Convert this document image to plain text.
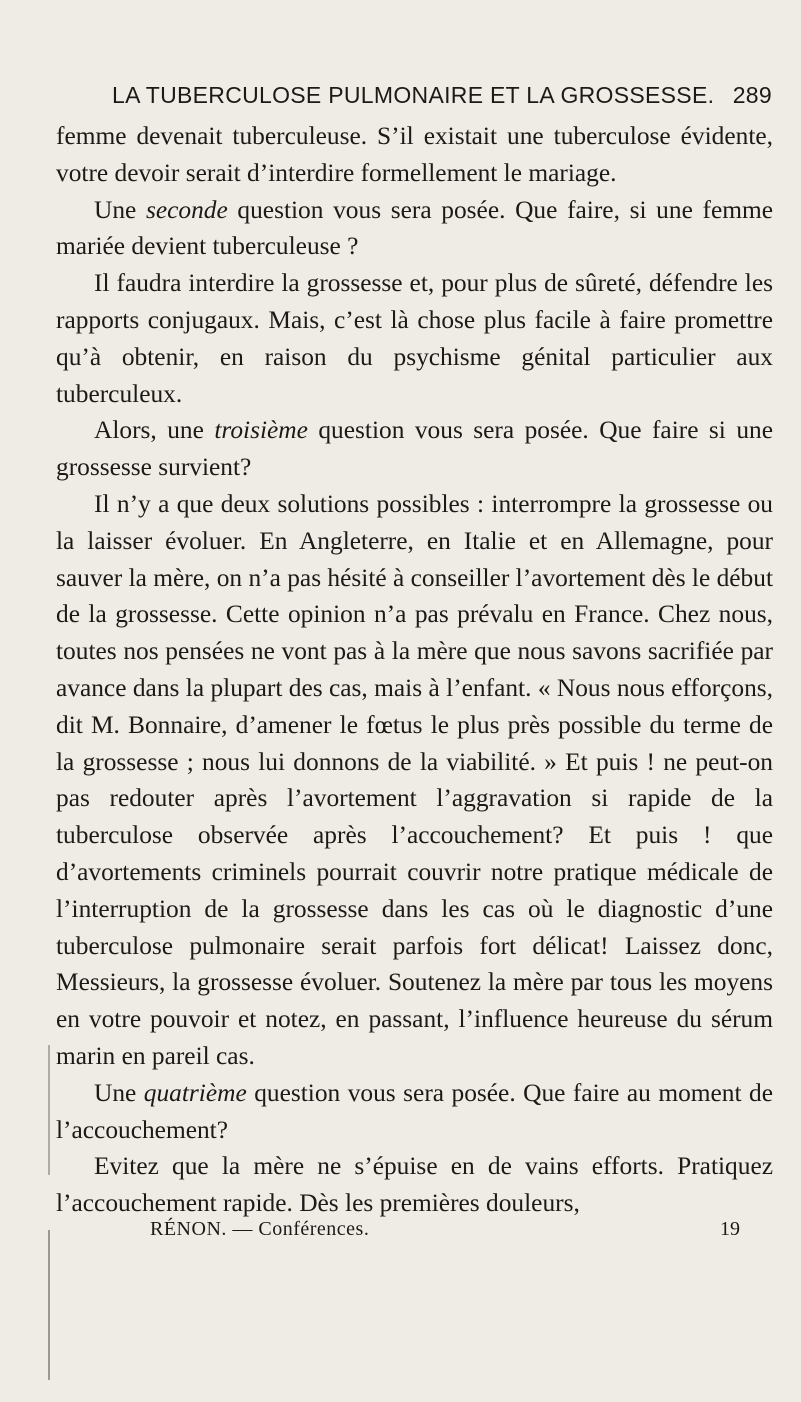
LA TUBERCULOSE PULMONAIRE ET LA GROSSESSE. 289

femme devenait tuberculeuse. S’il existait une tuberculose évidente, votre devoir serait d’interdire formellement le mariage.

Une seconde question vous sera posée. Que faire, si une femme mariée devient tuberculeuse ?

Il faudra interdire la grossesse et, pour plus de sûreté, défendre les rapports conjugaux. Mais, c’est là chose plus facile à faire promettre qu’à obtenir, en raison du psychisme génital particulier aux tuberculeux.

Alors, une troisième question vous sera posée. Que faire si une grossesse survient?

Il n’y a que deux solutions possibles : interrompre la grossesse ou la laisser évoluer. En Angleterre, en Italie et en Allemagne, pour sauver la mère, on n’a pas hésité à conseiller l’avortement dès le début de la grossesse. Cette opinion n’a pas prévalu en France. Chez nous, toutes nos pensées ne vont pas à la mère que nous savons sacrifiée par avance dans la plupart des cas, mais à l’enfant. « Nous nous efforçons, dit M. Bonnaire, d’amener le fœtus le plus près possible du terme de la grossesse ; nous lui donnons de la viabilité. » Et puis ! ne peut-on pas redouter après l’avortement l’aggravation si rapide de la tuberculose observée après l’accouchement? Et puis ! que d’avortements criminels pourrait couvrir notre pratique médicale de l’interruption de la grossesse dans les cas où le diagnostic d’une tuberculose pulmonaire serait parfois fort délicat! Laissez donc, Messieurs, la grossesse évoluer. Soutenez la mère par tous les moyens en votre pouvoir et notez, en passant, l’influence heureuse du sérum marin en pareil cas.

Une quatrième question vous sera posée. Que faire au moment de l’accouchement?

Evitez que la mère ne s’épuise en de vains efforts. Pratiquez l’accouchement rapide. Dès les premières douleurs,

RÉNON. — Conférences.	19
